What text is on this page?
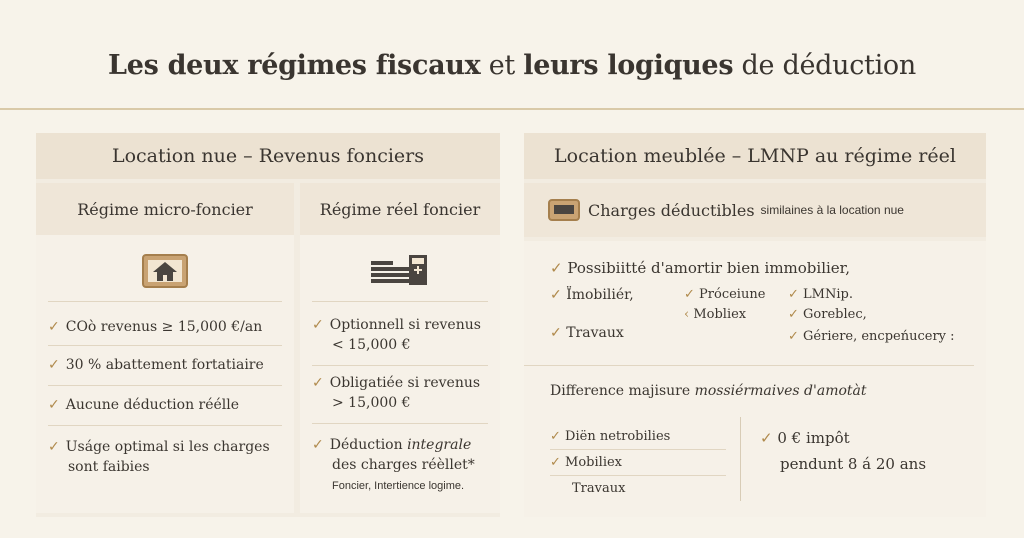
Les deux régimes fiscaux et leurs logiques de déduction
Location nue – Revenus fonciers
Régime micro-foncier
✓ COò revenus ≥ 15,000 €/an
✓ 30 % abattement fortatiaire
✓ Aucune déduction réélle
✓ Uságe optimal si les charges sont faibies
Régime réel foncier
✓ Optionnell si revenus < 15,000 €
✓ Obligatiée si revenus > 15,000 €
✓ Déduction integrale
des charges réèllet*
Foncier, Intertience logime.
Location meublée – LMNP au régime réel
Charges déductibles similaines à la location nue
✓ Possibiitté d'amortir bien immobilier,
✓ Ïmobiliér,
✓ Travaux
✓ Próceiune
‹ Mobliex
✓ LMNip.
✓ Goreblec,
✓ Gériere, encpeńucery :
Difference majisure mossiérmaives d'amotàt
✓ Diën netrobilies
✓ Mobiliex
Travaux
✓ 0 € impôt
pendunt 8 á 20 ans
